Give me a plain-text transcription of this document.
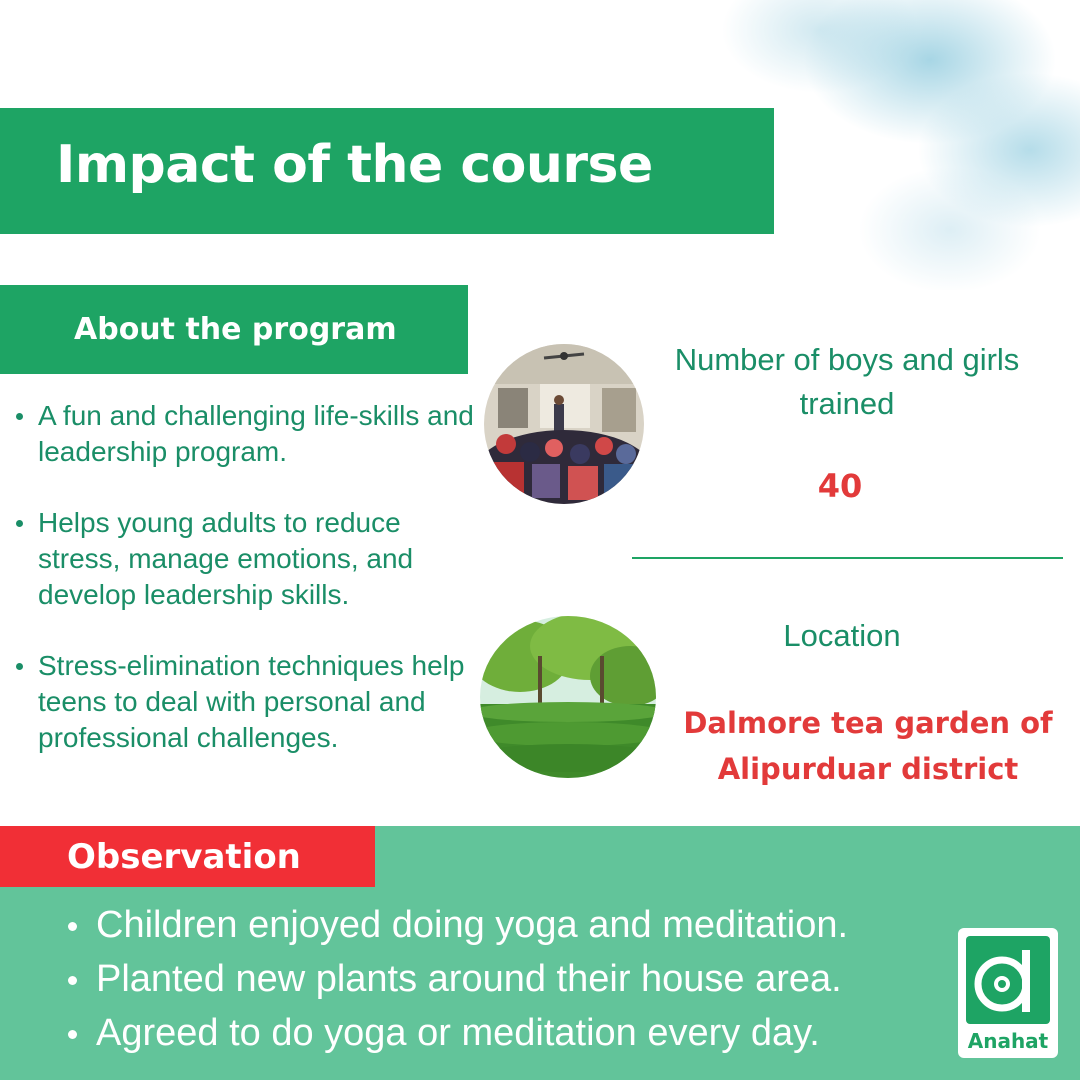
Impact of the course
About the program
A fun and challenging life-skills and leadership program.
Helps young adults to reduce stress, manage emotions, and develop leadership skills.
Stress-elimination techniques help teens to deal with personal and professional challenges.
Number of boys and girls trained
40
Location
Dalmore tea garden of Alipurduar district
Observation
Children enjoyed doing yoga and meditation.
Planted new plants around their house area.
Agreed to do yoga or meditation every day.	Anahat
